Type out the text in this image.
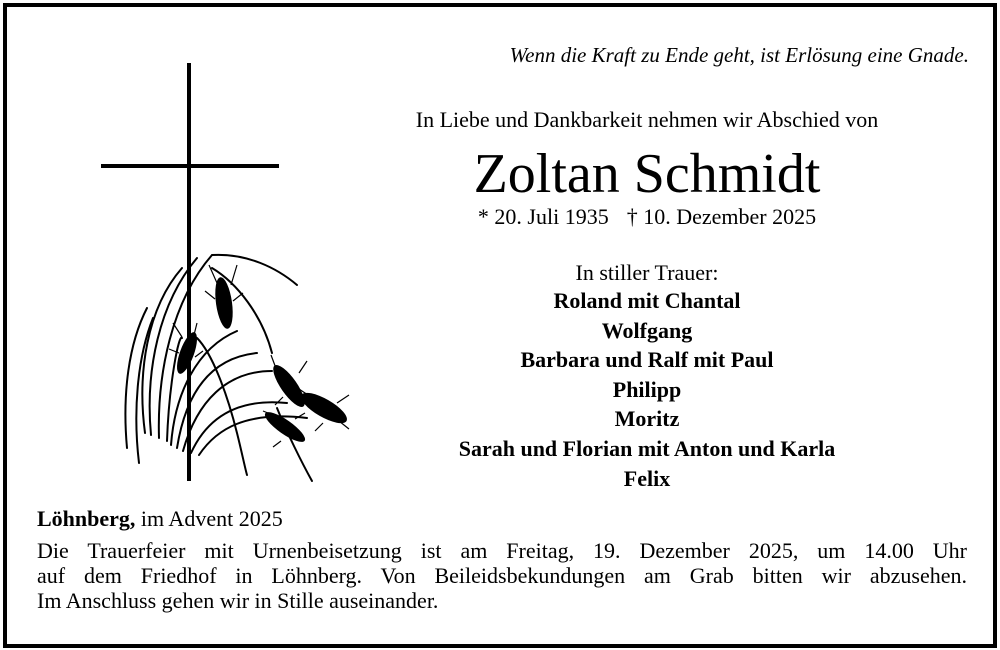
Wenn die Kraft zu Ende geht, ist Erlösung eine Gnade.
In Liebe und Dankbarkeit nehmen wir Abschied von
Zoltan Schmidt
* 20. Juli 1935 † 10. Dezember 2025
In stiller Trauer:
Roland mit Chantal
Wolfgang
Barbara und Ralf mit Paul
Philipp
Moritz
Sarah und Florian mit Anton und Karla
Felix
Löhnberg, im Advent 2025
Die Trauerfeier mit Urnenbeisetzung ist am Freitag, 19. Dezember 2025, um 14.00 Uhr
auf dem Friedhof in Löhnberg. Von Beileidsbekundungen am Grab bitten wir abzusehen.
Im Anschluss gehen wir in Stille auseinander.
